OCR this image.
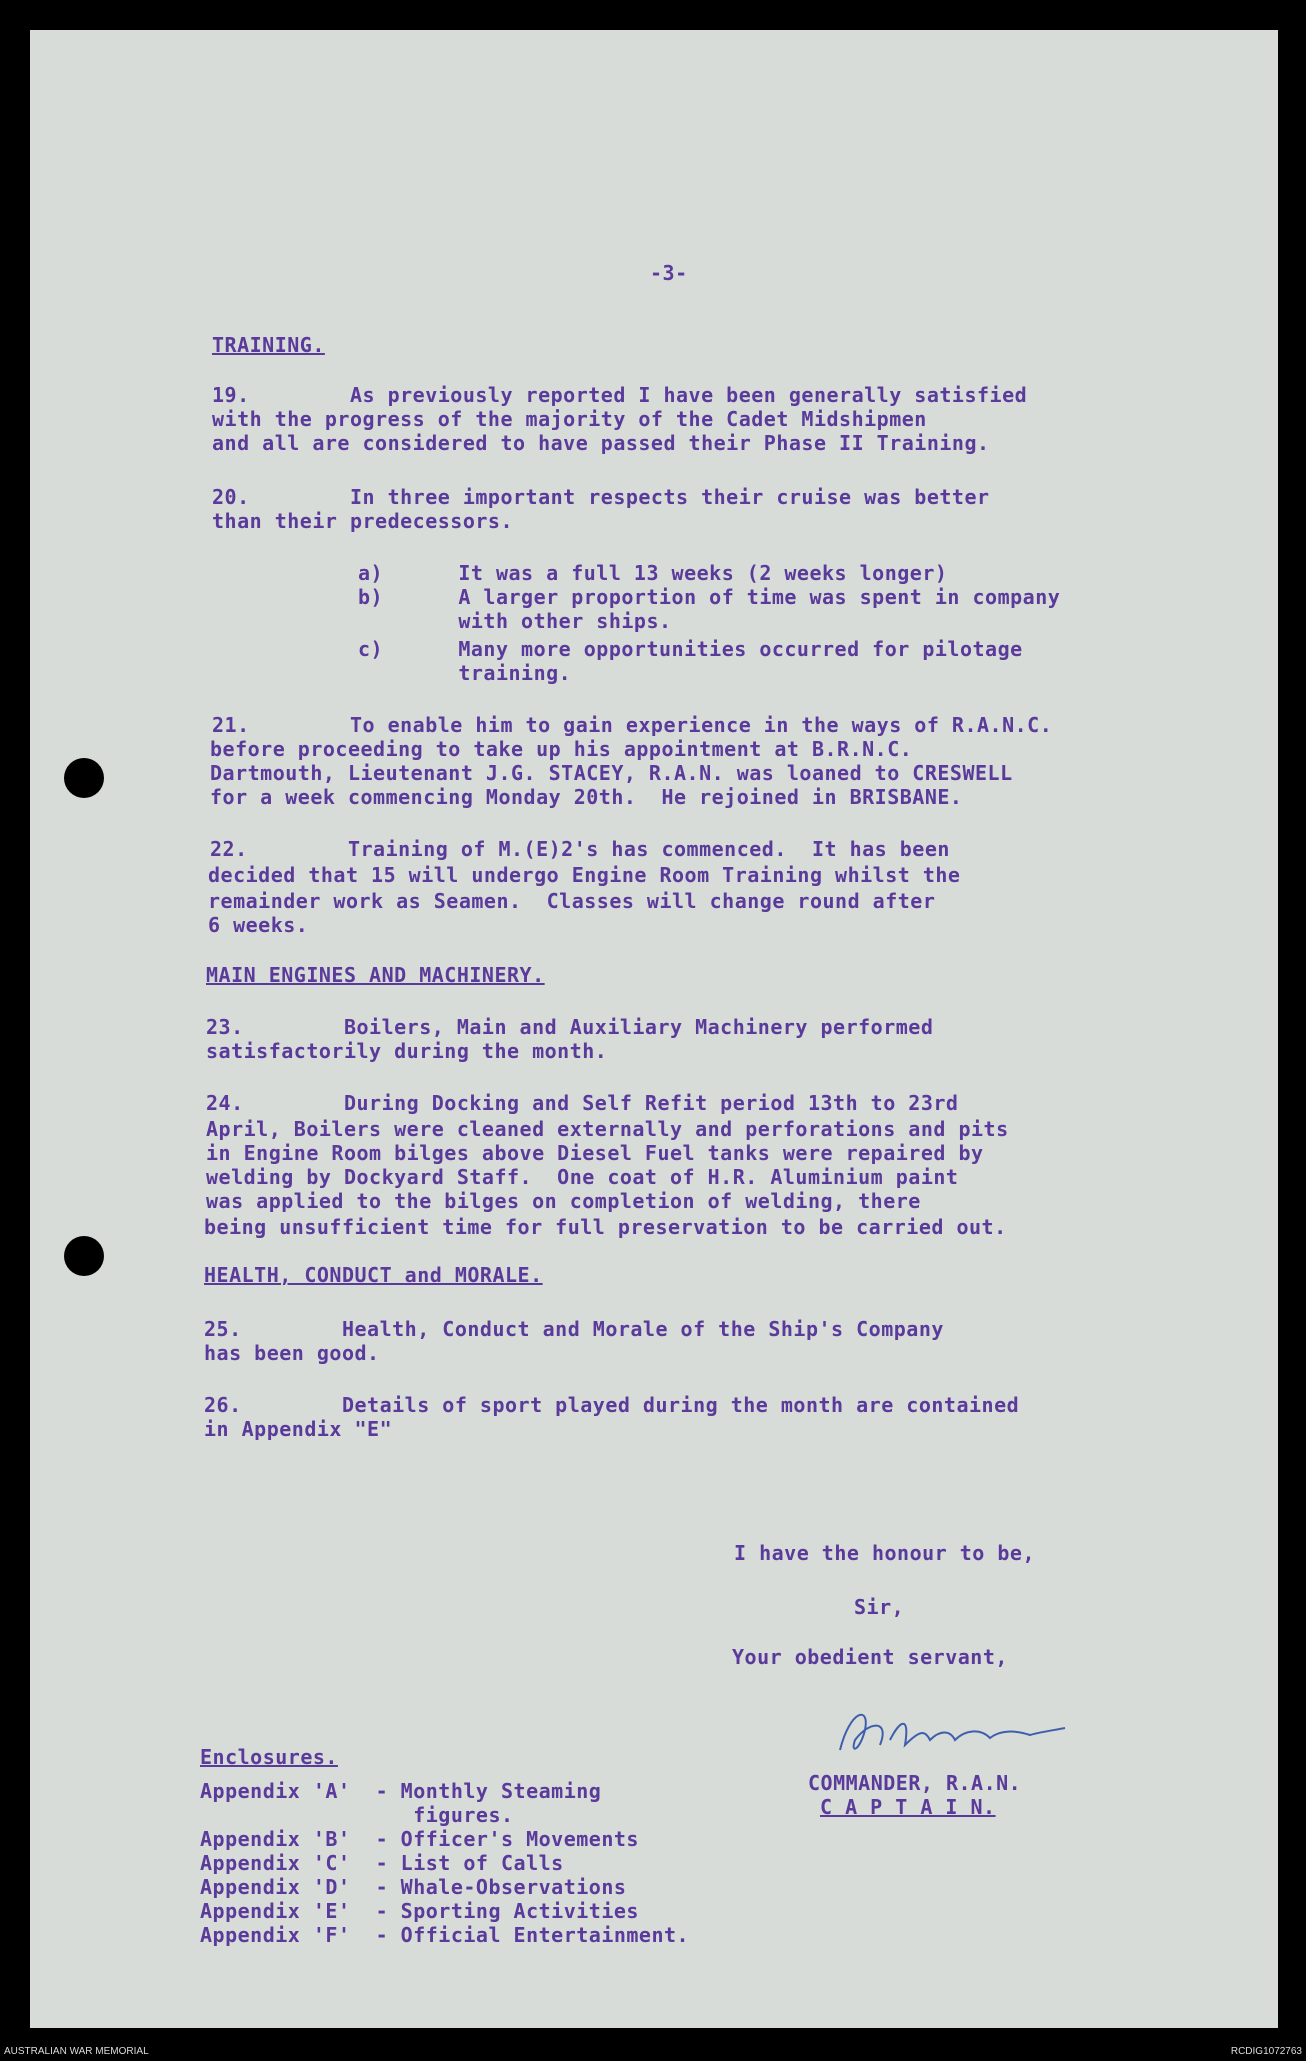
-3-
TRAINING.
19.        As previously reported I have been generally satisfied
with the progress of the majority of the Cadet Midshipmen
and all are considered to have passed their Phase II Training.
20.        In three important respects their cruise was better
than their predecessors.
a)      It was a full 13 weeks (2 weeks longer)
b)      A larger proportion of time was spent in company
with other ships.
c)      Many more opportunities occurred for pilotage
training.
21.        To enable him to gain experience in the ways of R.A.N.C.
before proceeding to take up his appointment at B.R.N.C.
Dartmouth, Lieutenant J.G. STACEY, R.A.N. was loaned to CRESWELL
for a week commencing Monday 20th.  He rejoined in BRISBANE.
22.        Training of M.(E)2's has commenced.  It has been
decided that 15 will undergo Engine Room Training whilst the
remainder work as Seamen.  Classes will change round after
6 weeks.
MAIN ENGINES AND MACHINERY.
23.        Boilers, Main and Auxiliary Machinery performed
satisfactorily during the month.
24.        During Docking and Self Refit period 13th to 23rd
April, Boilers were cleaned externally and perforations and pits
in Engine Room bilges above Diesel Fuel tanks were repaired by
welding by Dockyard Staff.  One coat of H.R. Aluminium paint
was applied to the bilges on completion of welding, there
being unsufficient time for full preservation to be carried out.
HEALTH, CONDUCT and MORALE.
25.        Health, Conduct and Morale of the Ship's Company
has been good.
26.        Details of sport played during the month are contained
in Appendix "E"
I have the honour to be,
Sir,
Your obedient servant,
COMMANDER, R.A.N.
C A P T A I N.
Enclosures.
Appendix 'A'  - Monthly Steaming
figures.
Appendix 'B'  - Officer's Movements
Appendix 'C'  - List of Calls
Appendix 'D'  - Whale-Observations
Appendix 'E'  - Sporting Activities
Appendix 'F'  - Official Entertainment.
AUSTRALIAN WAR MEMORIAL	RCDIG1072763
